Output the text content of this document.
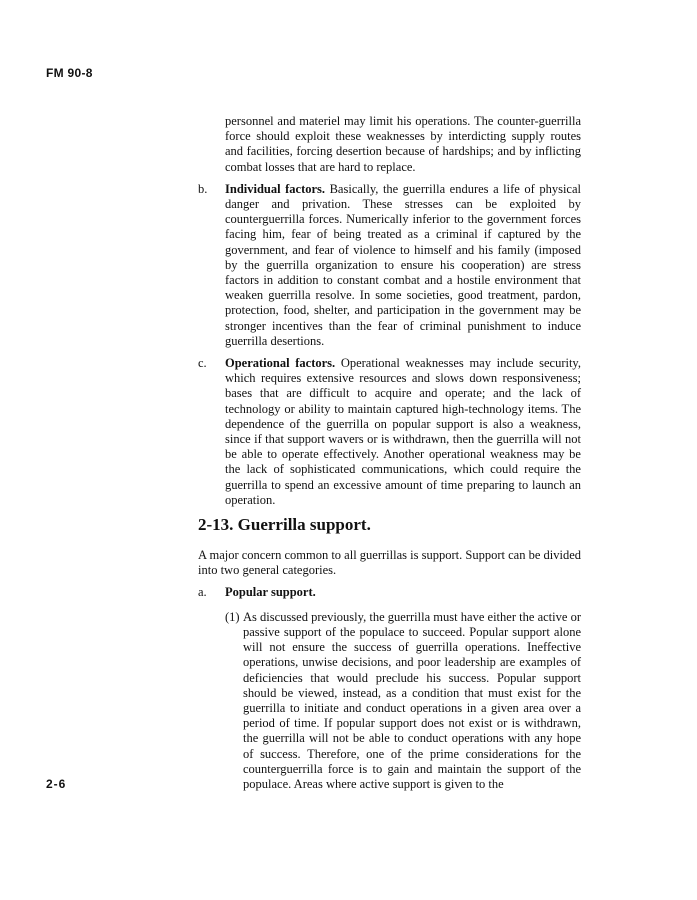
FM 90-8

personnel and materiel may limit his operations. The counter-guerrilla force should exploit these weaknesses by interdicting supply routes and facilities, forcing desertion because of hardships; and by inflicting combat losses that are hard to replace.

b.	Individual factors. Basically, the guerrilla endures a life of physical danger and privation. These stresses can be exploited by counterguerrilla forces. Numerically inferior to the government forces facing him, fear of being treated as a criminal if captured by the government, and fear of violence to himself and his family (imposed by the guerrilla organization to ensure his cooperation) are stress factors in addition to constant combat and a hostile environment that weaken guerrilla resolve. In some societies, good treatment, pardon, protection, food, shelter, and participation in the government may be stronger incentives than the fear of criminal punishment to induce guerrilla desertions.

c.	Operational factors. Operational weaknesses may include security, which requires extensive resources and slows down responsiveness; bases that are difficult to acquire and operate; and the lack of technology or ability to maintain captured high-technology items. The dependence of the guerrilla on popular support is also a weakness, since if that support wavers or is withdrawn, then the guerrilla will not be able to operate effectively. Another operational weakness may be the lack of sophisticated communications, which could require the guerrilla to spend an excessive amount of time preparing to launch an operation.

2-13. Guerrilla support.

A major concern common to all guerrillas is support. Support can be divided into two general categories.

a.	Popular support.

(1) As discussed previously, the guerrilla must have either the active or passive support of the populace to succeed. Popular support alone will not ensure the success of guerrilla operations. Ineffective operations, unwise decisions, and poor leadership are examples of deficiencies that would preclude his success. Popular support should be viewed, instead, as a condition that must exist for the guerrilla to initiate and conduct operations in a given area over a period of time. If popular support does not exist or is withdrawn, the guerrilla will not be able to conduct operations with any hope of success. Therefore, one of the prime considerations for the counterguerrilla force is to gain and maintain the support of the populace. Areas where active support is given to the

2-6
